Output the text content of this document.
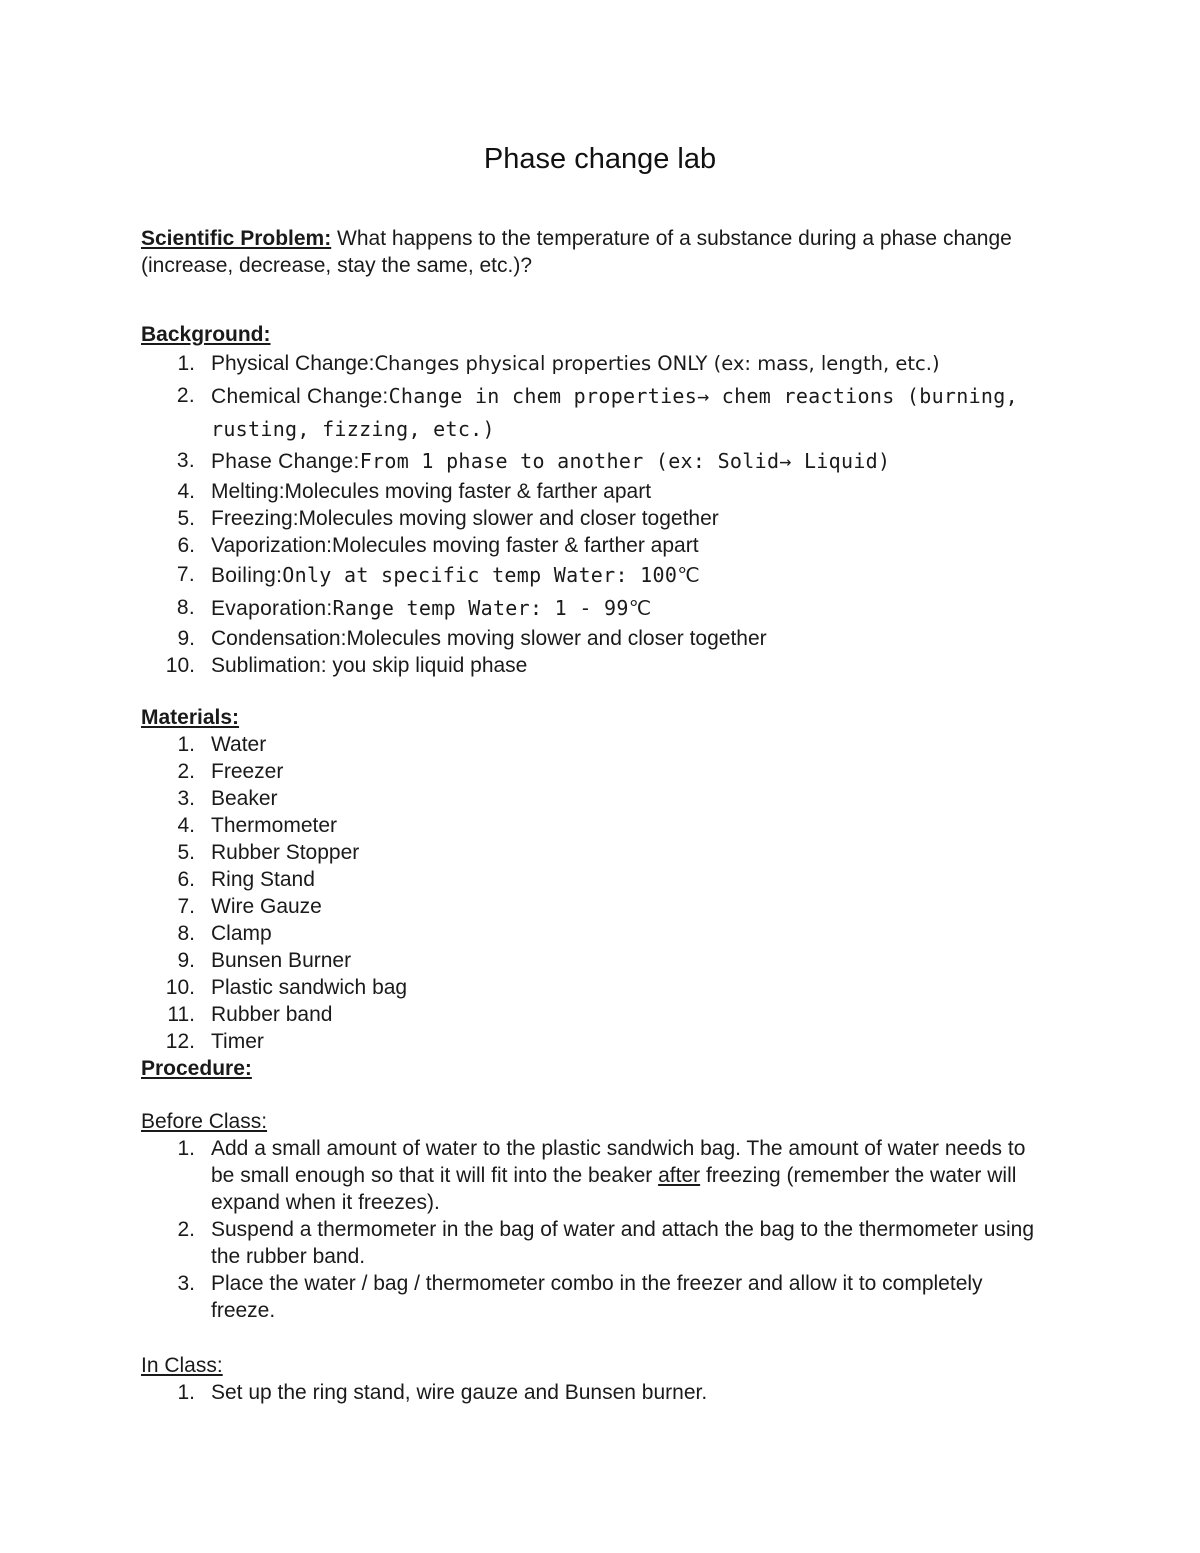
Phase change lab
Scientific Problem: What happens to the temperature of a substance during a phase change (increase, decrease, stay the same, etc.)?
Background:
1. Physical Change:Changes physical properties ONLY (ex: mass, length, etc.)
2. Chemical Change:Change in chem properties→ chem reactions (burning, rusting, fizzing, etc.)
3. Phase Change:From 1 phase to another (ex: Solid→ Liquid)
4. Melting:Molecules moving faster & farther apart
5. Freezing:Molecules moving slower and closer together
6. Vaporization:Molecules moving faster & farther apart
7. Boiling:Only at specific temp Water: 100℃
8. Evaporation:Range temp Water: 1 - 99℃
9. Condensation:Molecules moving slower and closer together
10. Sublimation: you skip liquid phase
Materials:
1. Water
2. Freezer
3. Beaker
4. Thermometer
5. Rubber Stopper
6. Ring Stand
7. Wire Gauze
8. Clamp
9. Bunsen Burner
10. Plastic sandwich bag
11. Rubber band
12. Timer
Procedure:
Before Class:
1. Add a small amount of water to the plastic sandwich bag. The amount of water needs to be small enough so that it will fit into the beaker after freezing (remember the water will expand when it freezes).
2. Suspend a thermometer in the bag of water and attach the bag to the thermometer using the rubber band.
3. Place the water / bag / thermometer combo in the freezer and allow it to completely freeze.
In Class:
1. Set up the ring stand, wire gauze and Bunsen burner.
